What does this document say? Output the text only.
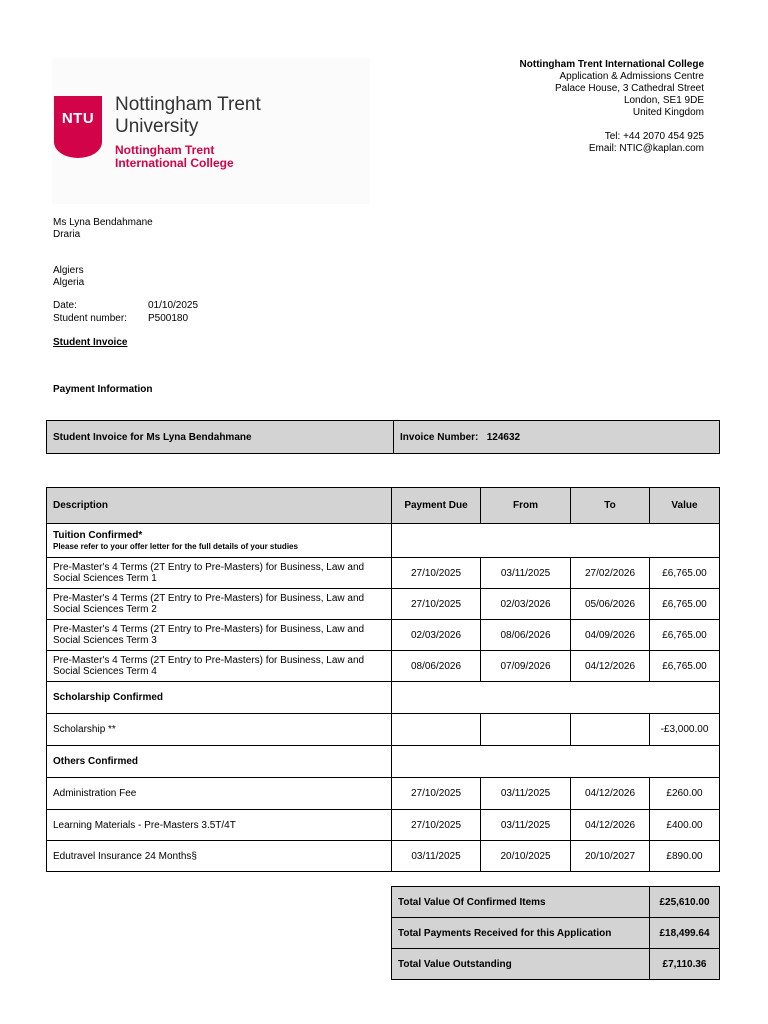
NTU
Nottingham Trent
University
Nottingham Trent
International College
Nottingham Trent International College
Application & Admissions Centre
Palace House, 3 Cathedral Street
London, SE1 9DE
United Kingdom
Tel: +44 2070 454 925
Email: NTIC@kaplan.com
Ms Lyna Bendahmane
Draria
Algiers
Algeria
Date:	01/10/2025
Student number: P500180
Student Invoice
Payment Information
Student Invoice for Ms Lyna Bendahmane	Invoice Number: 124632
Description	Payment Due	From	To	Value

Tuition Confirmed*
Please refer to your offer letter for the full details of your studies				

Pre-Master's 4 Terms (2T Entry to Pre-Masters) for Business, Law and Social Sciences Term 1	27/10/2025	03/11/2025	27/02/2026	£6,765.00
Pre-Master's 4 Terms (2T Entry to Pre-Masters) for Business, Law and Social Sciences Term 2	27/10/2025	02/03/2026	05/06/2026	£6,765.00
Pre-Master's 4 Terms (2T Entry to Pre-Masters) for Business, Law and Social Sciences Term 3	02/03/2026	08/06/2026	04/09/2026	£6,765.00
Pre-Master's 4 Terms (2T Entry to Pre-Masters) for Business, Law and Social Sciences Term 4	08/06/2026	07/09/2026	04/12/2026	£6,765.00
Scholarship Confirmed				
Scholarship **				-£3,000.00
Others Confirmed				
Administration Fee	27/10/2025	03/11/2025	04/12/2026	£260.00
Learning Materials - Pre-Masters 3.5T/4T	27/10/2025	03/11/2025	04/12/2026	£400.00
Edutravel Insurance 24 Months§	03/11/2025	20/10/2025	20/10/2027	£890.00
Total Value Of Confirmed Items	£25,610.00
Total Payments Received for this Application	£18,499.64
Total Value Outstanding	£7,110.36
